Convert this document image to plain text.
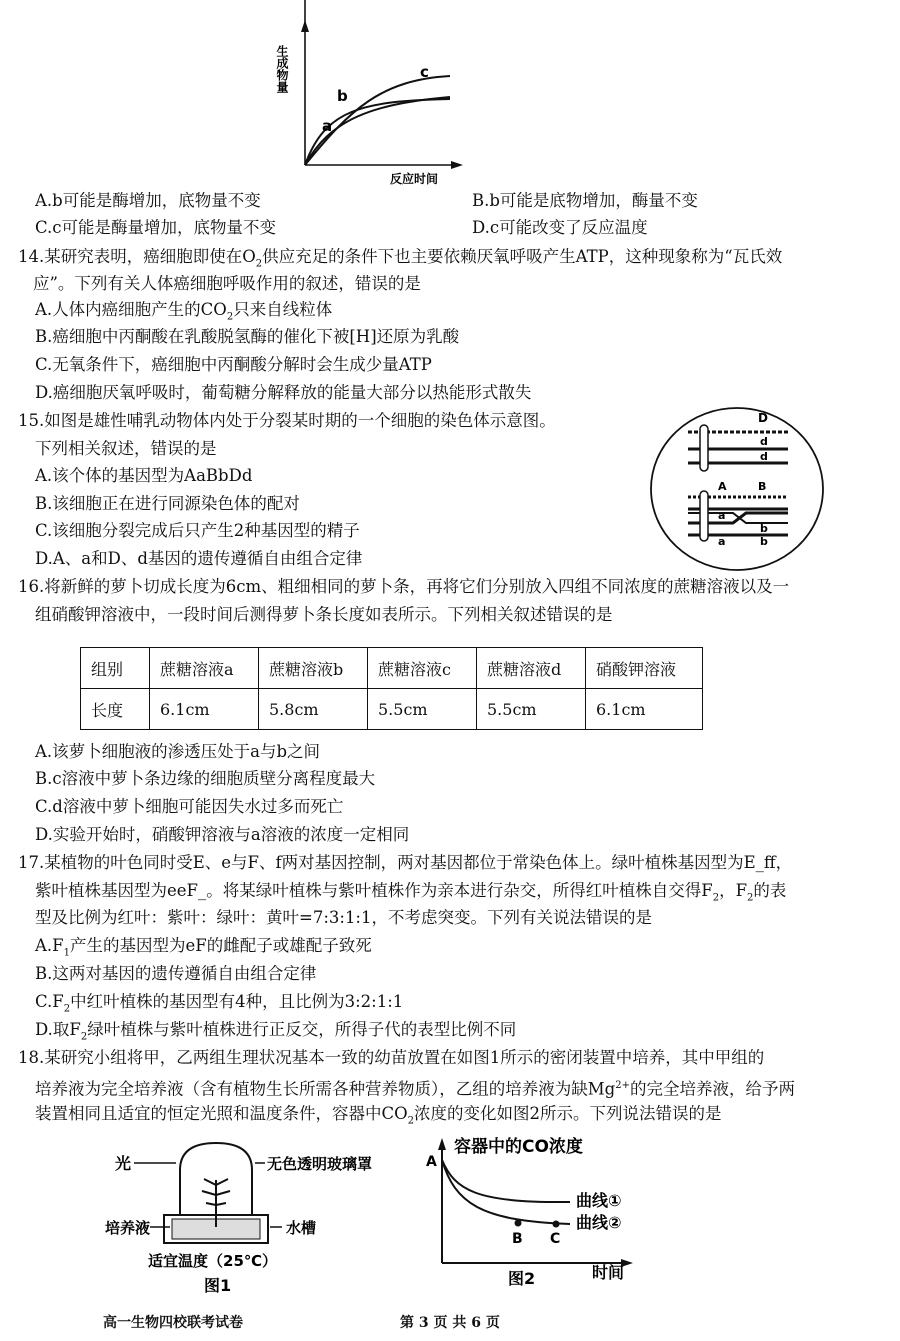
生成物量
a
b
c
反应时间
A.b可能是酶增加，底物量不变	B.b可能是底物增加，酶量不变
C.c可能是酶量增加，底物量不变	D.c可能改变了反应温度
14.某研究表明，癌细胞即使在$O_2$供应充足的条件下也主要依赖厌氧呼吸产生ATP，这种现象称为“瓦氏效
应”。下列有关人体癌细胞呼吸作用的叙述，错误的是
A.人体内癌细胞产生的$CO_2$只来自线粒体
B.癌细胞中丙酮酸在乳酸脱氢酶的催化下被[H]还原为乳酸
C.无氧条件下，癌细胞中丙酮酸分解时会生成少量ATP
D.癌细胞厌氧呼吸时，葡萄糖分解释放的能量大部分以热能形式散失
15.如图是雄性哺乳动物体内处于分裂某时期的一个细胞的染色体示意图。
下列相关叙述，错误的是
A.该个体的基因型为AaBbDd
B.该细胞正在进行同源染色体的配对
C.该细胞分裂完成后只产生2种基因型的精子
D.A、a和D、d基因的遗传遵循自由组合定律
D
d
d
A	B
a
a
b
b
16.将新鲜的萝卜切成长度为6cm、粗细相同的萝卜条，再将它们分别放入四组不同浓度的蔗糖溶液以及一
组硝酸钾溶液中，一段时间后测得萝卜条长度如表所示。下列相关叙述错误的是
组别	蔗糖溶液a	蔗糖溶液b	蔗糖溶液c	蔗糖溶液d	硝酸钾溶液
长度	6.1cm	5.8cm	5.5cm	5.5cm	6.1cm
A.该萝卜细胞液的渗透压处于a与b之间
B.c溶液中萝卜条边缘的细胞质壁分离程度最大
C.d溶液中萝卜细胞可能因失水过多而死亡
D.实验开始时，硝酸钾溶液与a溶液的浓度一定相同
17.某植物的叶色同时受E、e与F、f两对基因控制，两对基因都位于常染色体上。绿叶植株基因型为E_ff，
紫叶植株基因型为eeF_。将某绿叶植株与紫叶植株作为亲本进行杂交，所得红叶植株自交得$F_2$，$F_2$的表
型及比例为红叶：紫叶：绿叶：黄叶=7:3:1:1，不考虑突变。下列有关说法错误的是
$A.F_1$产生的基因型为eF的雌配子或雄配子致死
B.这两对基因的遗传遵循自由组合定律
$C.F_2$中红叶植株的基因型有4种，且比例为3:2:1:1
D.取$F_2$绿叶植株与紫叶植株进行正反交，所得子代的表型比例不同
18.某研究小组将甲，乙两组生理状况基本一致的幼苗放置在如图1所示的密闭装置中培养，其中甲组的
培养液为完全培养液（含有植物生长所需各种营养物质），乙组的培养液为缺$Mg^{2+}$的完全培养液，给予两
装置相同且适宜的恒定光照和温度条件，容器中$CO_2$浓度的变化如图2所示。下列说法错误的是
光	无色透明玻璃罩
培养液	水槽
适宜温度（25℃）
图1
容器中的CO浓度
A
B C
曲线①
曲线②
时间
图2
高一生物四校联考试卷	第 3 页 共 6 页
